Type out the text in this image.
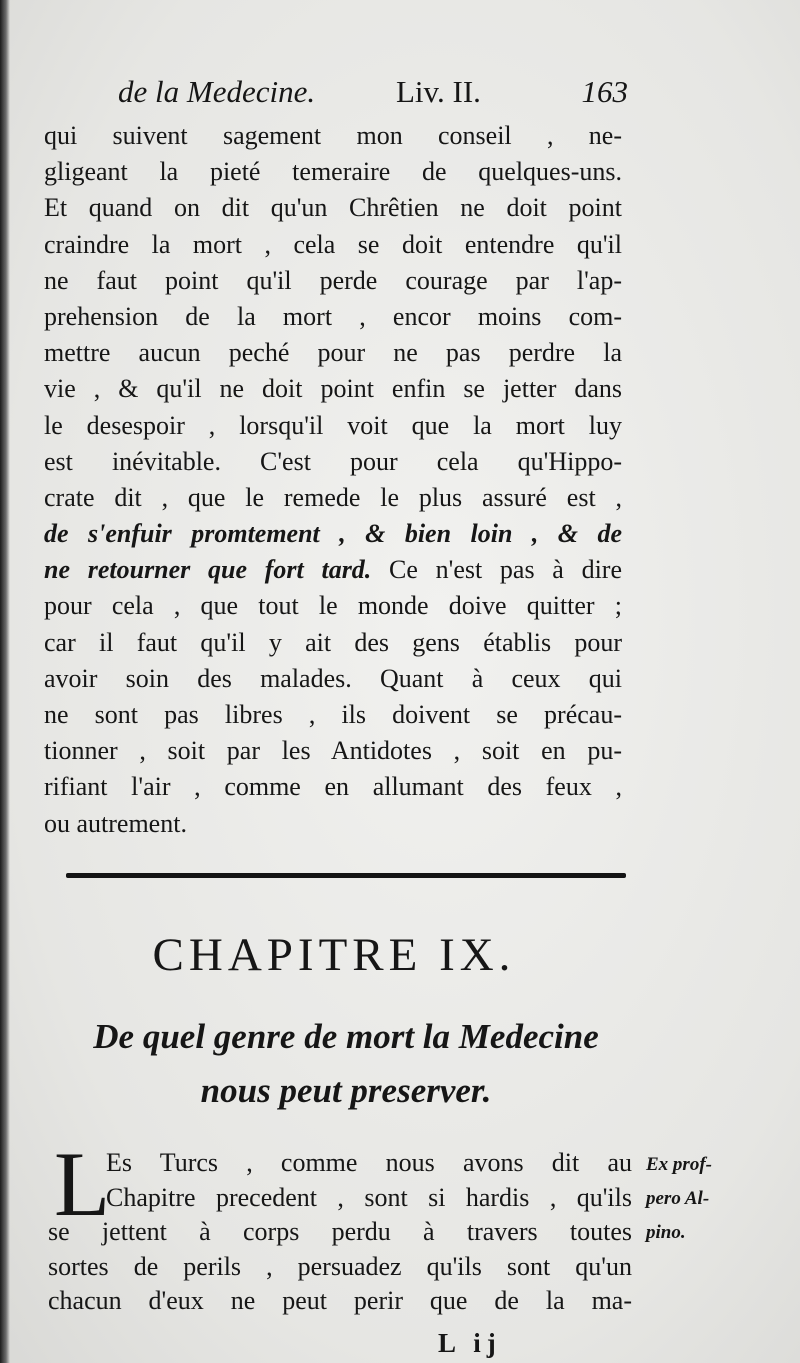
de la Medecine.	Liv. II.	163
qui suivent sagement mon conseil , ne-
gligeant la pieté temeraire de quelques-uns.
Et quand on dit qu'un Chrêtien ne doit point
craindre la mort , cela se doit entendre qu'il
ne faut point qu'il perde courage par l'ap-
prehension de la mort , encor moins com-
mettre aucun peché pour ne pas perdre la
vie , & qu'il ne doit point enfin se jetter dans
le desespoir , lorsqu'il voit que la mort luy
est inévitable. C'est pour cela qu'Hippo-
crate dit , que le remede le plus assuré est ,
de s'enfuir promtement , & bien loin , & de
ne retourner que fort tard. Ce n'est pas à dire
pour cela , que tout le monde doive quitter ;
car il faut qu'il y ait des gens établis pour
avoir soin des malades. Quant à ceux qui
ne sont pas libres , ils doivent se précau-
tionner , soit par les Antidotes , soit en pu-
rifiant l'air , comme en allumant des feux ,
ou autrement.
CHAPITRE IX.
De quel genre de mort la Medecine
nous peut preserver.
L
Es Turcs , comme nous avons dit au
Chapitre precedent , sont si hardis , qu'ils
se jettent à corps perdu à travers toutes
sortes de perils , persuadez qu'ils sont qu'un
chacun d'eux ne peut perir que de la ma-
Ex prof-
pero Al-
pino.
L ij
